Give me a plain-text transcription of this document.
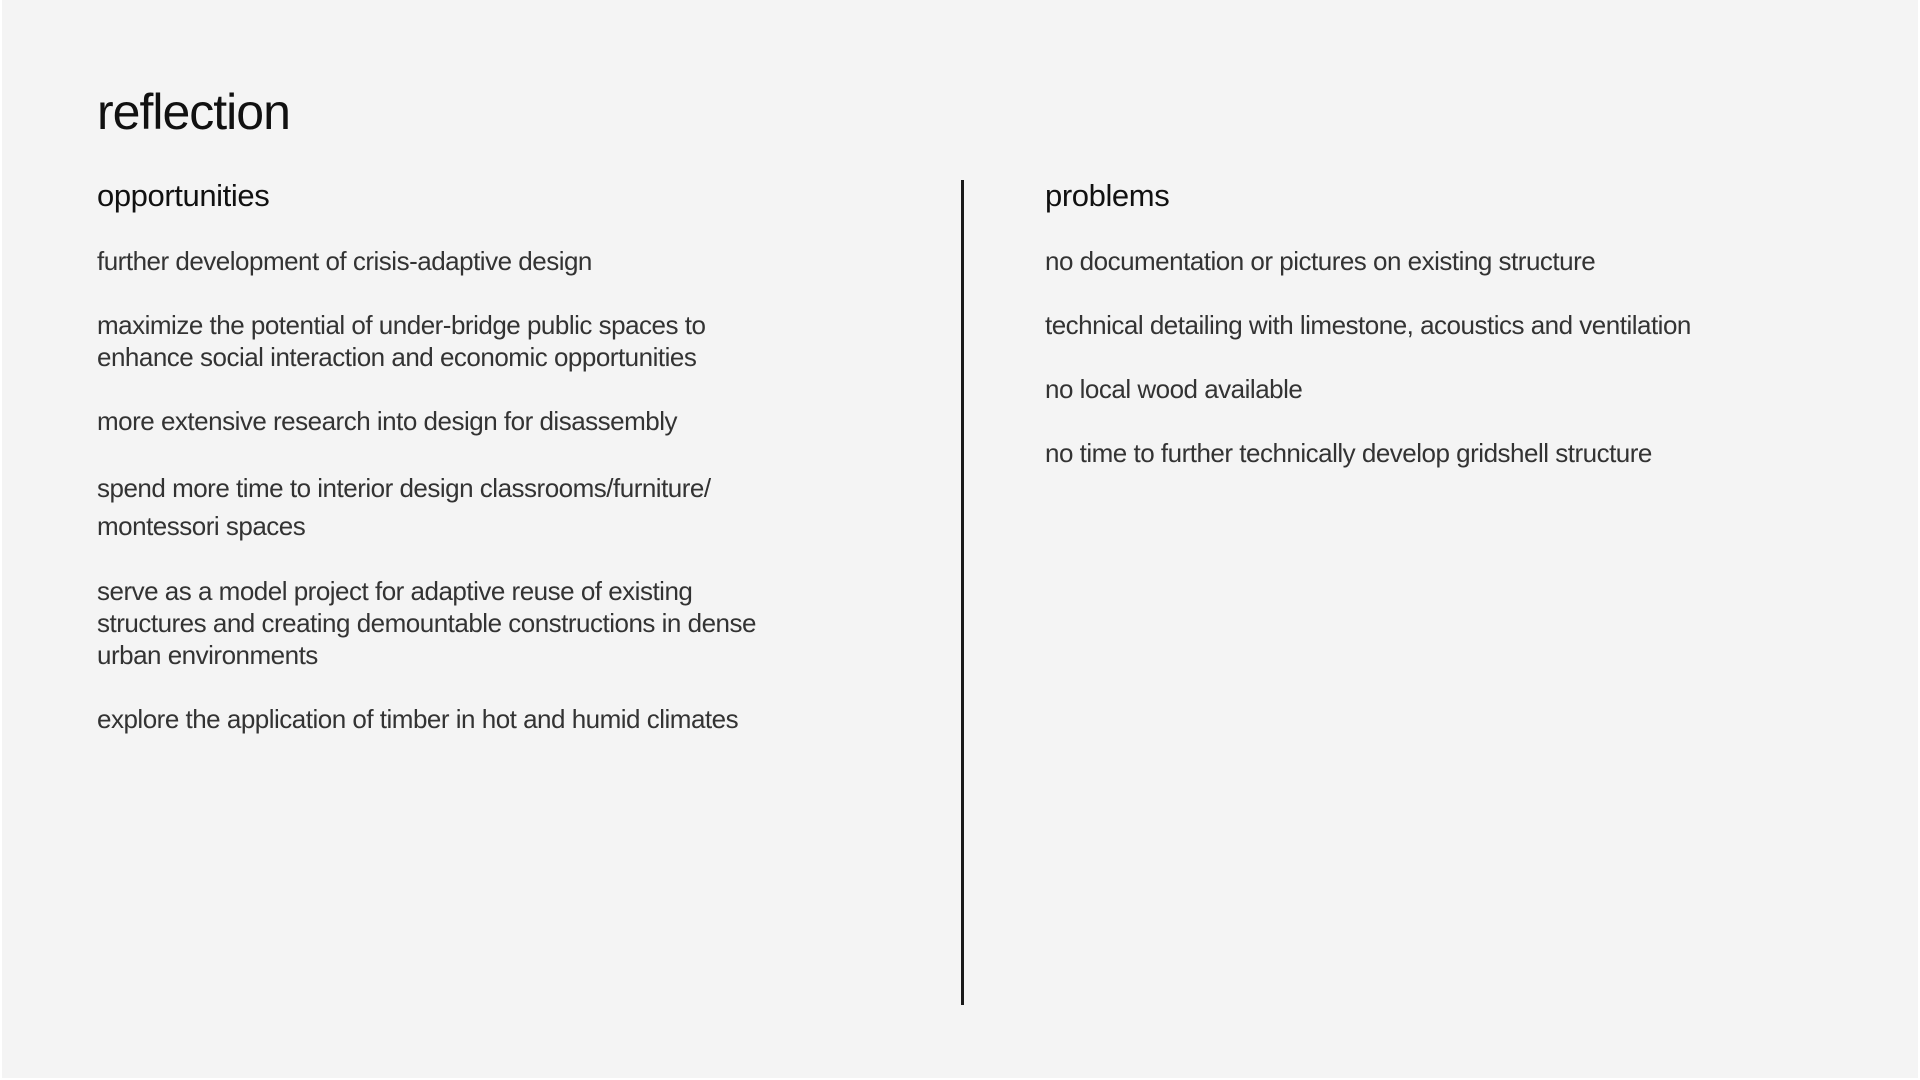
reflection
opportunities
further development of crisis-adaptive design
maximize the potential of under-bridge public spaces to enhance social interaction and economic opportunities
more extensive research into design for disassembly
spend more time to interior design classrooms/furniture/ montessori spaces
serve as a model project for adaptive reuse of existing structures and creating demountable constructions in dense urban environments
explore the application of timber in hot and humid climates
problems
no documentation or pictures on existing structure
technical detailing with limestone, acoustics and ventilation
no local wood available
no time to further technically develop gridshell structure
